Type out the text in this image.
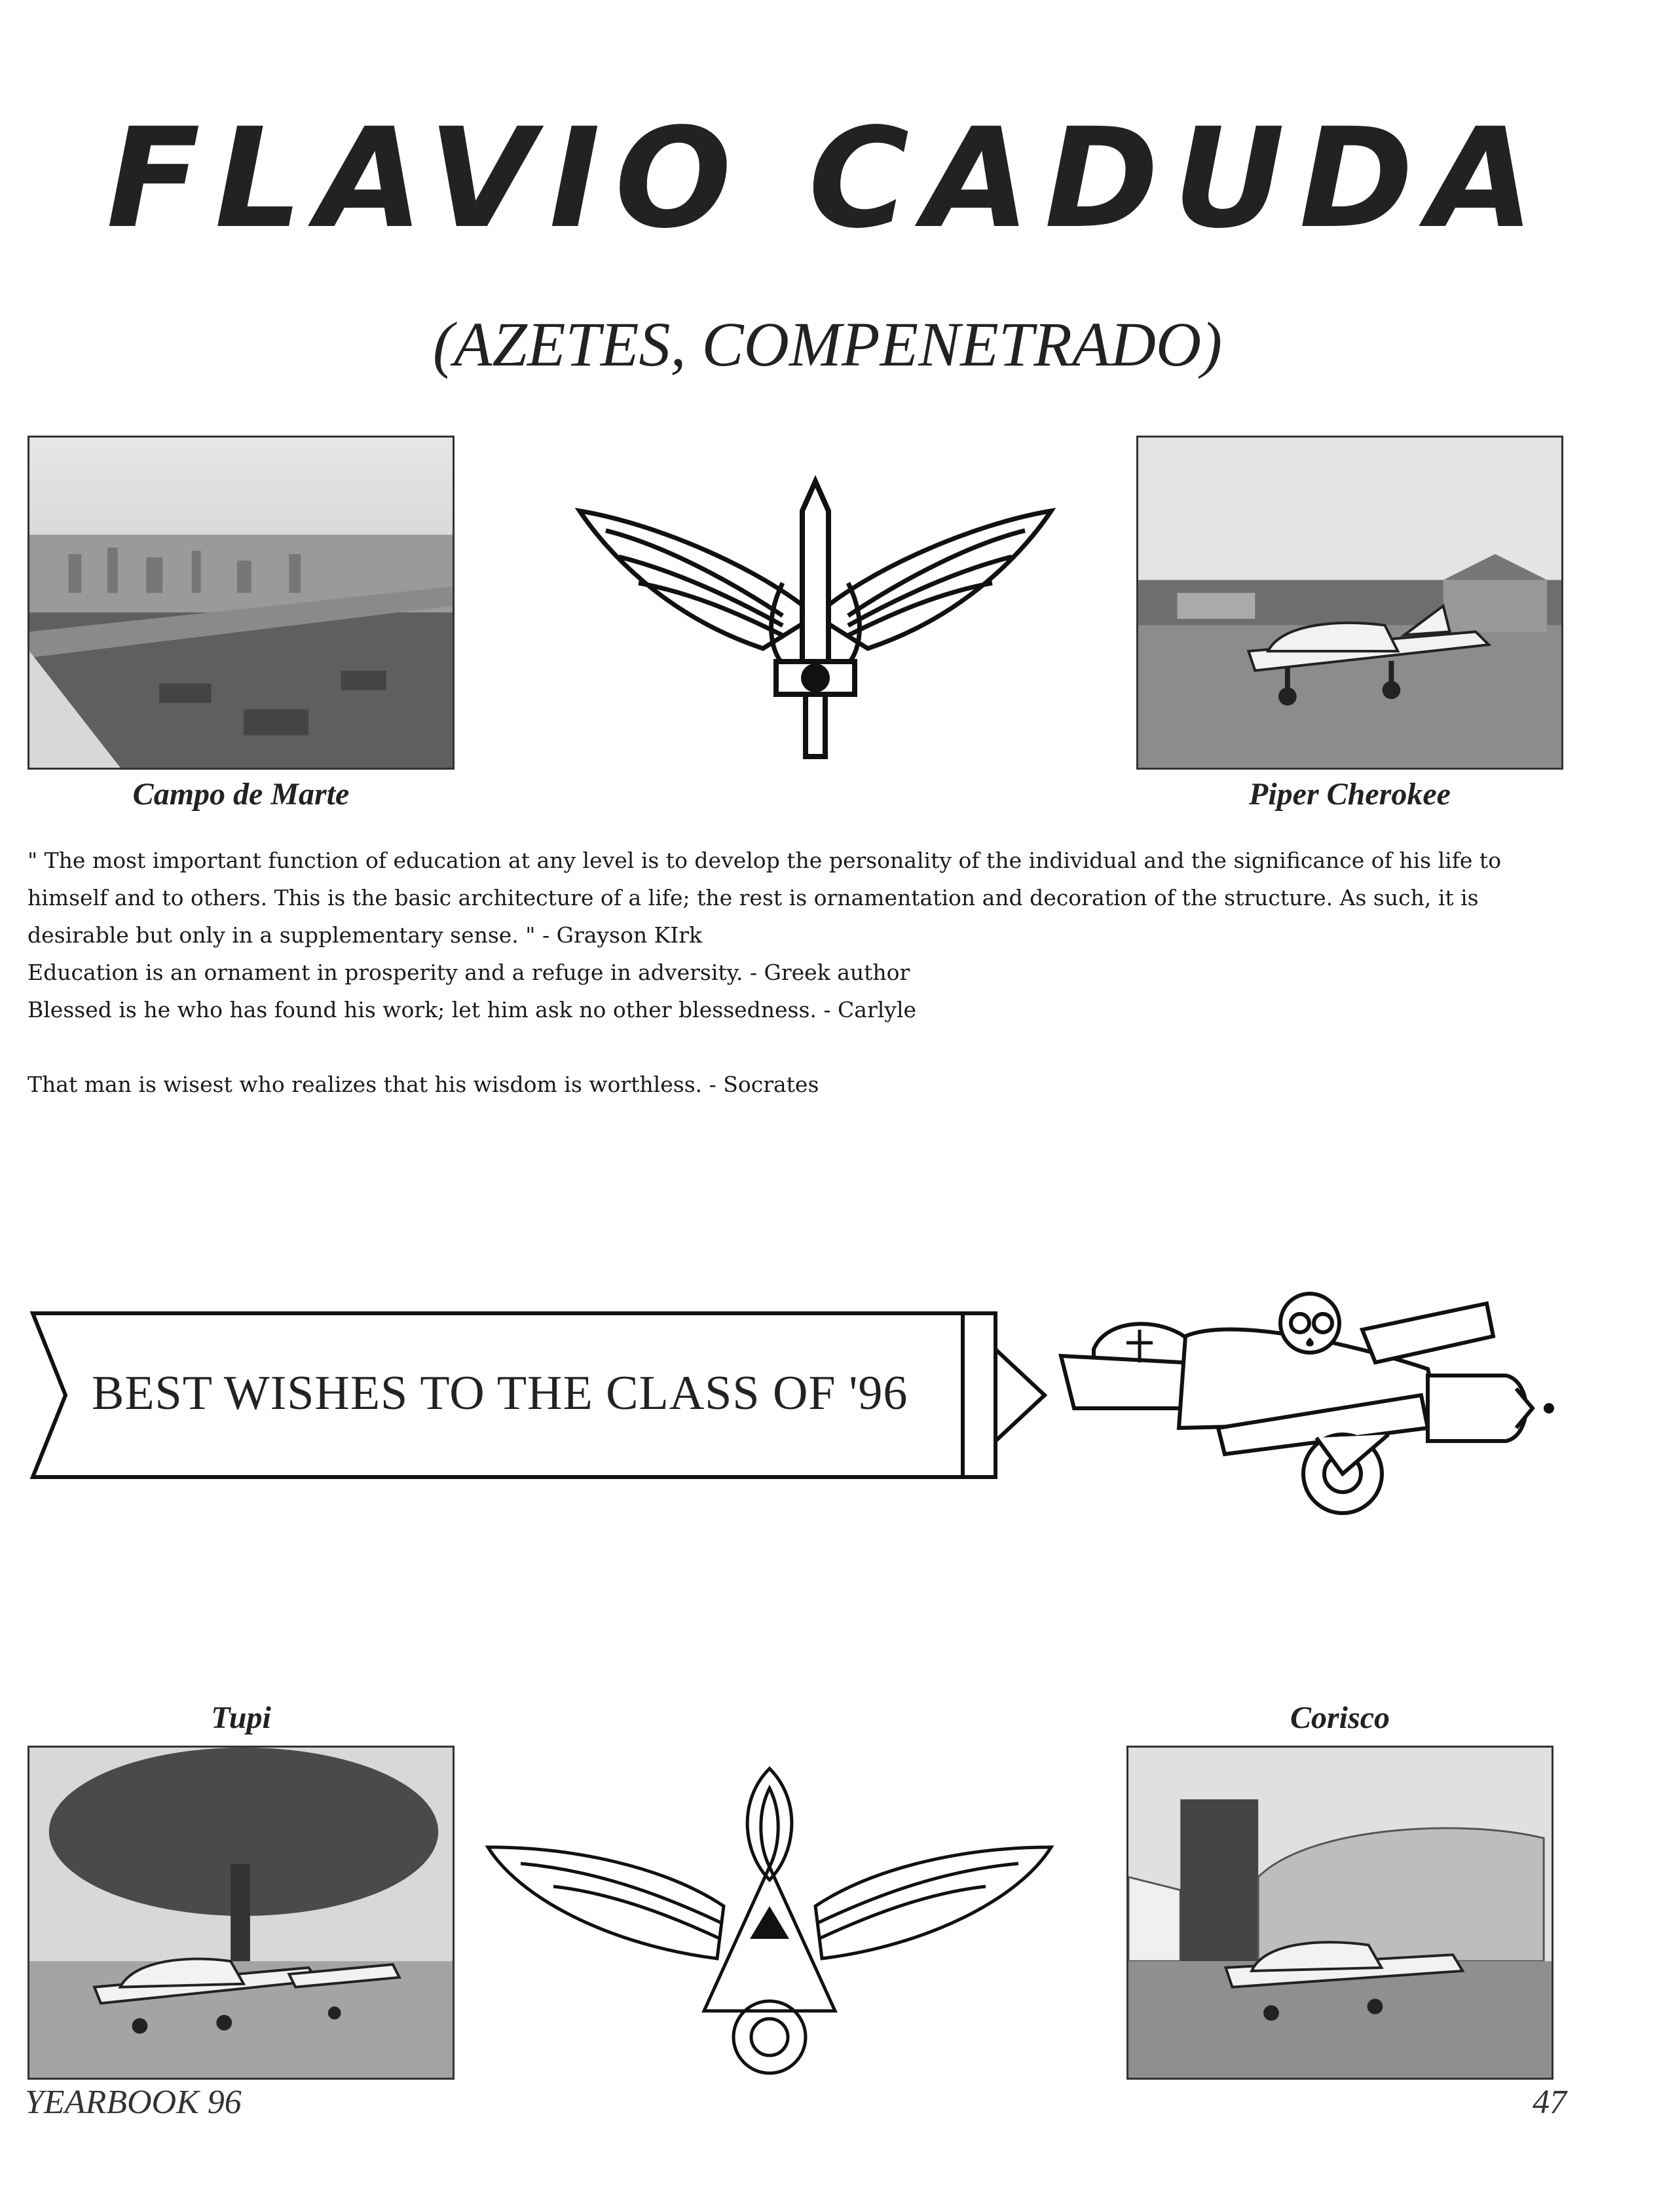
FLAVIO CADUDA
(AZETES, COMPENETRADO)
Campo de Marte	Piper Cherokee

" The most important function of education at any level is to develop the personality of the individual and the significance of his life to himself and to others. This is the basic architecture of a life; the rest is ornamentation and decoration of the structure. As such, it is desirable but only in a supplementary sense. " - Grayson KIrk

Education is an ornament in prosperity and a refuge in adversity. - Greek author

Blessed is he who has found his work; let him ask no other blessedness. - Carlyle

That man is wisest who realizes that his wisdom is worthless. - Socrates

BEST WISHES TO THE CLASS OF '96
Tupi	Corisco
YEARBOOK 96	47
